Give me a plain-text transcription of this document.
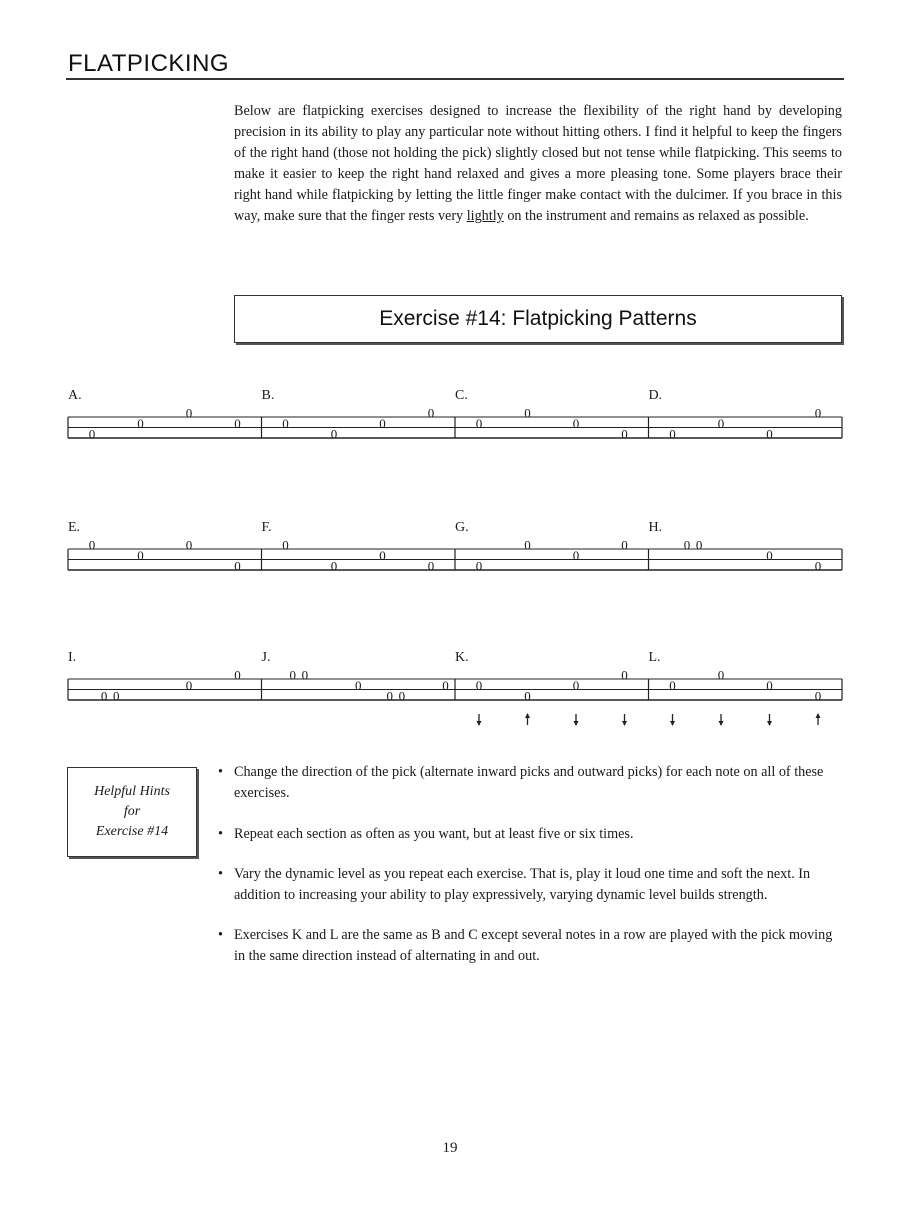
FLATPICKING

Below are flatpicking exercises designed to increase the flexibility of the right hand by developing precision in its ability to play any particular note without hitting others. I find it helpful to keep the fingers of the right hand (those not holding the pick) slightly closed but not tense while flatpicking. This seems to make it easier to keep the right hand relaxed and gives a more pleasing tone. Some players brace their right hand while flatpicking by letting the little finger make contact with the dulcimer. If you brace in this way, make sure that the finger rests very lightly on the instrument and remains as relaxed as possible.

Exercise #14: Flatpicking Patterns
A.
0
0
0
0
B.
0
0
0
0
C.
0
0
0
0
D.
0
0
0
0
E.
0
0
0
0
F.
0
0
0
0
G.
0
0
0
0
H.
0 0
0
0
I.
0 0
0
0
J.
0 0
0
0 0
0
K.
0
0
0
0
L.
0
0
0
0
Helpful Hints
for
Exercise #14
• Change the direction of the pick (alternate inward picks and outward picks) for each note on all of these exercises.
• Repeat each section as often as you want, but at least five or six times.
• Vary the dynamic level as you repeat each exercise. That is, play it loud one time and soft the next. In addition to increasing your ability to play expressively, varying dynamic level builds strength.
• Exercises K and L are the same as B and C except several notes in a row are played with the pick moving in the same direction instead of alternating in and out.
19
